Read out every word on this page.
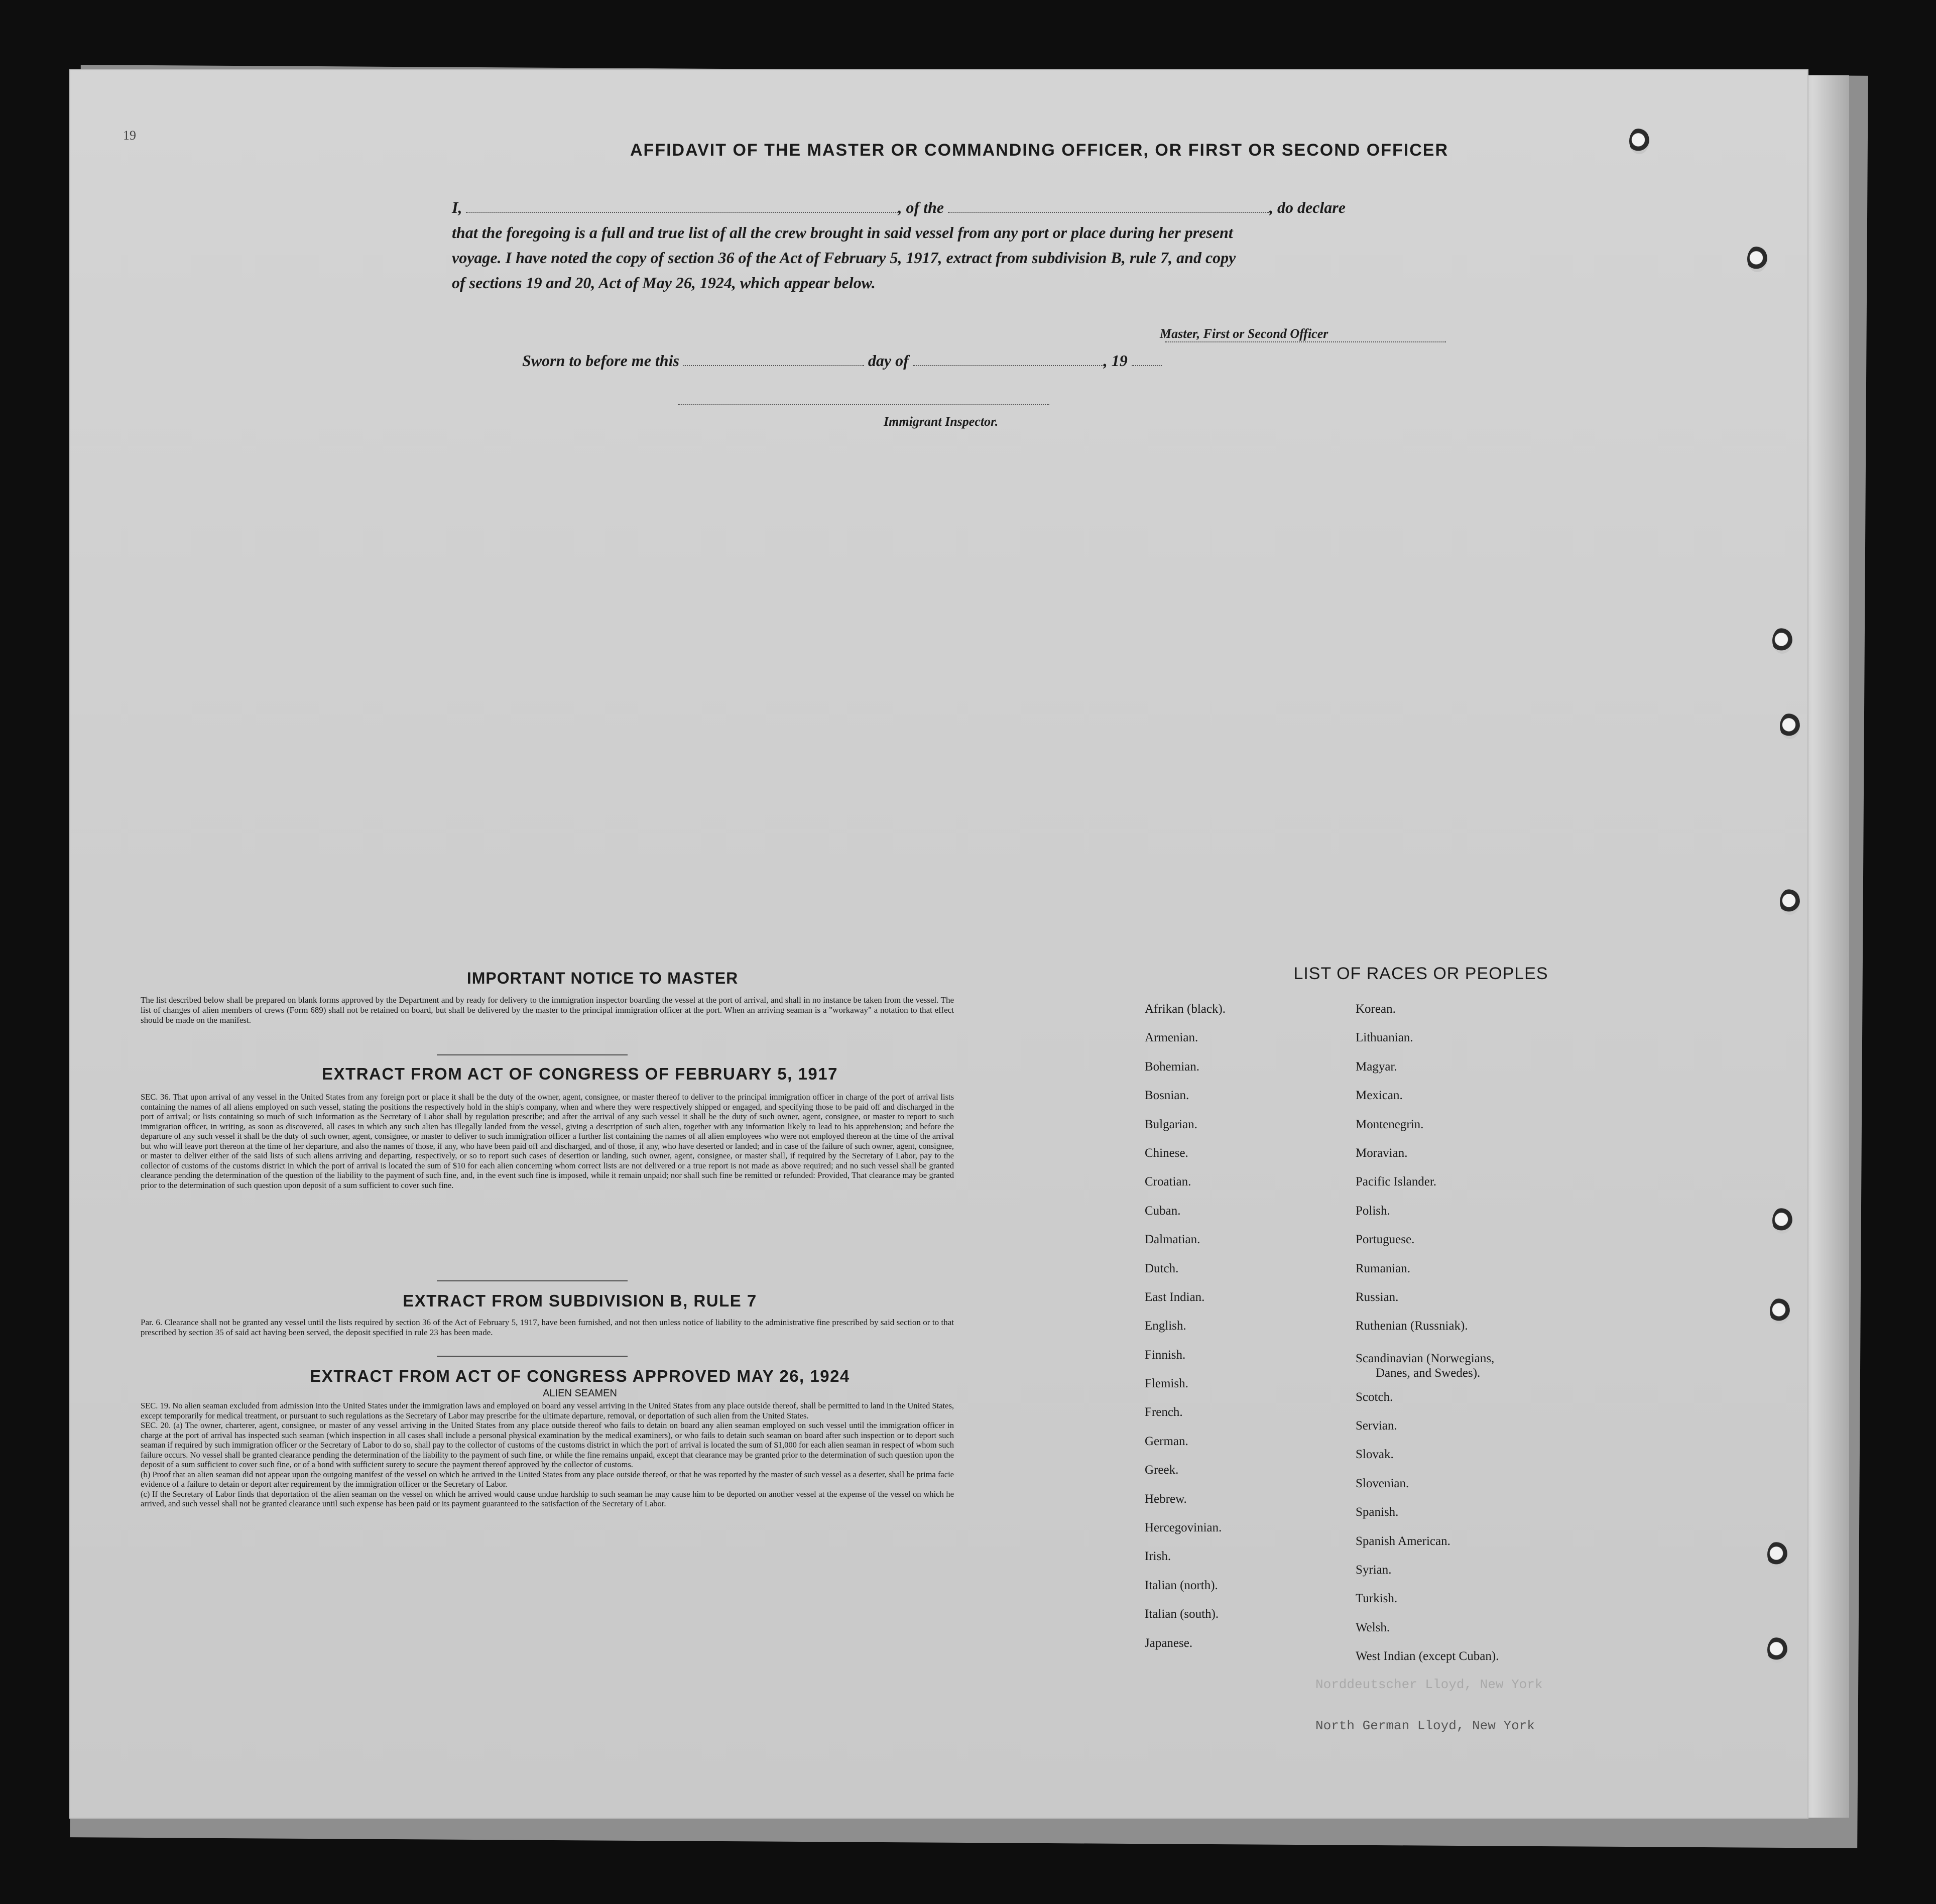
19
AFFIDAVIT OF THE MASTER OR COMMANDING OFFICER, OR FIRST OR SECOND OFFICER
I,	, of the	, do declare
that the foregoing is a full and true list of all the crew brought in said vessel from any port or place during her present
voyage. I have noted the copy of section 36 of the Act of February 5, 1917, extract from subdivision B, rule 7, and copy
of sections 19 and 20, Act of May 26, 1924, which appear below.
Master, First or Second Officer
Sworn to before me this	day of	, 19
Immigrant Inspector.
IMPORTANT NOTICE TO MASTER
The list described below shall be prepared on blank forms approved by the Department and by ready for delivery to the immigration inspector boarding the vessel at the port of arrival, and shall in no instance be taken from the vessel. The list of changes of alien members of crews (Form 689) shall not be retained on board, but shall be delivered by the master to the principal immigration officer at the port. When an arriving seaman is a "workaway" a notation to that effect should be made on the manifest.
EXTRACT FROM ACT OF CONGRESS OF FEBRUARY 5, 1917
SEC. 36. That upon arrival of any vessel in the United States from any foreign port or place it shall be the duty of the owner, agent, consignee, or master thereof to deliver to the principal immigration officer in charge of the port of arrival lists containing the names of all aliens employed on such vessel, stating the positions the respectively hold in the ship's company, when and where they were respectively shipped or engaged, and specifying those to be paid off and discharged in the port of arrival; or lists containing so much of such information as the Secretary of Labor shall by regulation prescribe; and after the arrival of any such vessel it shall be the duty of such owner, agent, consignee, or master to report to such immigration officer, in writing, as soon as discovered, all cases in which any such alien has illegally landed from the vessel, giving a description of such alien, together with any information likely to lead to his apprehension; and before the departure of any such vessel it shall be the duty of such owner, agent, consignee, or master to deliver to such immigration officer a further list containing the names of all alien employees who were not employed thereon at the time of the arrival but who will leave port thereon at the time of her departure, and also the names of those, if any, who have been paid off and discharged, and of those, if any, who have deserted or landed; and in case of the failure of such owner, agent, consignee, or master to deliver either of the said lists of such aliens arriving and departing, respectively, or so to report such cases of desertion or landing, such owner, agent, consignee, or master shall, if required by the Secretary of Labor, pay to the collector of customs of the customs district in which the port of arrival is located the sum of $10 for each alien concerning whom correct lists are not delivered or a true report is not made as above required; and no such vessel shall be granted clearance pending the determination of the question of the liability to the payment of such fine, and, in the event such fine is imposed, while it remain unpaid; nor shall such fine be remitted or refunded: Provided, That clearance may be granted prior to the determination of such question upon deposit of a sum sufficient to cover such fine.
EXTRACT FROM SUBDIVISION B, RULE 7
Par. 6. Clearance shall not be granted any vessel until the lists required by section 36 of the Act of February 5, 1917, have been furnished, and not then unless notice of liability to the administrative fine prescribed by said section or to that prescribed by section 35 of said act having been served, the deposit specified in rule 23 has been made.
EXTRACT FROM ACT OF CONGRESS APPROVED MAY 26, 1924
ALIEN SEAMEN
SEC. 19. No alien seaman excluded from admission into the United States under the immigration laws and employed on board any vessel arriving in the United States from any place outside thereof, shall be permitted to land in the United States, except temporarily for medical treatment, or pursuant to such regulations as the Secretary of Labor may prescribe for the ultimate departure, removal, or deportation of such alien from the United States.
SEC. 20. (a) The owner, charterer, agent, consignee, or master of any vessel arriving in the United States from any place outside thereof who fails to detain on board any alien seaman employed on such vessel until the immigration officer in charge at the port of arrival has inspected such seaman (which inspection in all cases shall include a personal physical examination by the medical examiners), or who fails to detain such seaman on board after such inspection or to deport such seaman if required by such immigration officer or the Secretary of Labor to do so, shall pay to the collector of customs of the customs district in which the port of arrival is located the sum of $1,000 for each alien seaman in respect of whom such failure occurs. No vessel shall be granted clearance pending the determination of the liability to the payment of such fine, or while the fine remains unpaid, except that clearance may be granted prior to the determination of such question upon the deposit of a sum sufficient to cover such fine, or of a bond with sufficient surety to secure the payment thereof approved by the collector of customs.
(b) Proof that an alien seaman did not appear upon the outgoing manifest of the vessel on which he arrived in the United States from any place outside thereof, or that he was reported by the master of such vessel as a deserter, shall be prima facie evidence of a failure to detain or deport after requirement by the immigration officer or the Secretary of Labor.
(c) If the Secretary of Labor finds that deportation of the alien seaman on the vessel on which he arrived would cause undue hardship to such seaman he may cause him to be deported on another vessel at the expense of the vessel on which he arrived, and such vessel shall not be granted clearance until such expense has been paid or its payment guaranteed to the satisfaction of the Secretary of Labor.
LIST OF RACES OR PEOPLES
Afrikan (black).
Armenian.
Bohemian.
Bosnian.
Bulgarian.
Chinese.
Croatian.
Cuban.
Dalmatian.
Dutch.
East Indian.
English.
Finnish.
Flemish.
French.
German.
Greek.
Hebrew.
Hercegovinian.
Irish.
Italian (north).
Italian (south).
Japanese.
Korean.
Lithuanian.
Magyar.
Mexican.
Montenegrin.
Moravian.
Pacific Islander.
Polish.
Portuguese.
Rumanian.
Russian.
Ruthenian (Russniak).
Scandinavian (Norwegians,
Danes, and Swedes).
Scotch.
Servian.
Slovak.
Slovenian.
Spanish.
Spanish American.
Syrian.
Turkish.
Welsh.
West Indian (except Cuban).
Norddeutscher Lloyd, New York
North German Lloyd, New York
